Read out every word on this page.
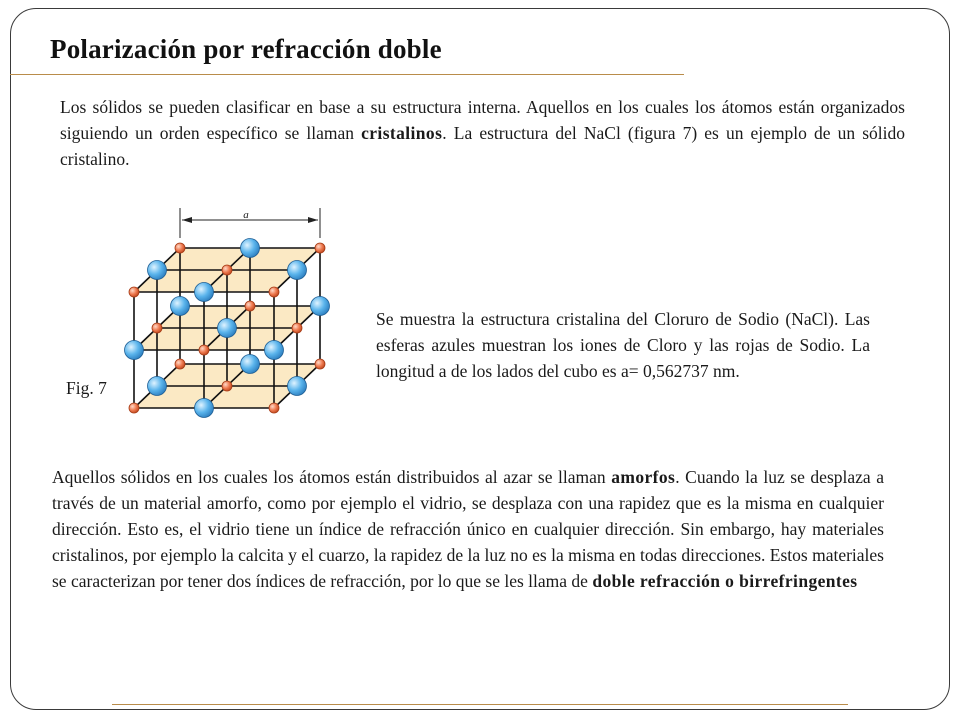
Polarización por refracción doble

Los sólidos se pueden clasificar en base a su estructura interna. Aquellos en los cuales los átomos están organizados siguiendo un orden específico se llaman cristalinos. La estructura del NaCl (figura 7) es un ejemplo de un sólido cristalino.

a
Fig. 7

Se muestra la estructura cristalina del Cloruro de Sodio (NaCl). Las esferas azules muestran los iones de Cloro y las rojas de Sodio. La longitud a de los lados del cubo es a= 0,562737 nm.

Aquellos sólidos en los cuales los átomos están distribuidos al azar se llaman amorfos. Cuando la luz se desplaza a través de un material amorfo, como por ejemplo el vidrio, se desplaza con una rapidez que es la misma en cualquier dirección. Esto es, el vidrio tiene un índice de refracción único en cualquier dirección. Sin embargo, hay materiales cristalinos, por ejemplo la calcita y el cuarzo, la rapidez de la luz no es la misma en todas direcciones. Estos materiales se caracterizan por tener dos índices de refracción, por lo que se les llama de doble refracción o birrefringentes
